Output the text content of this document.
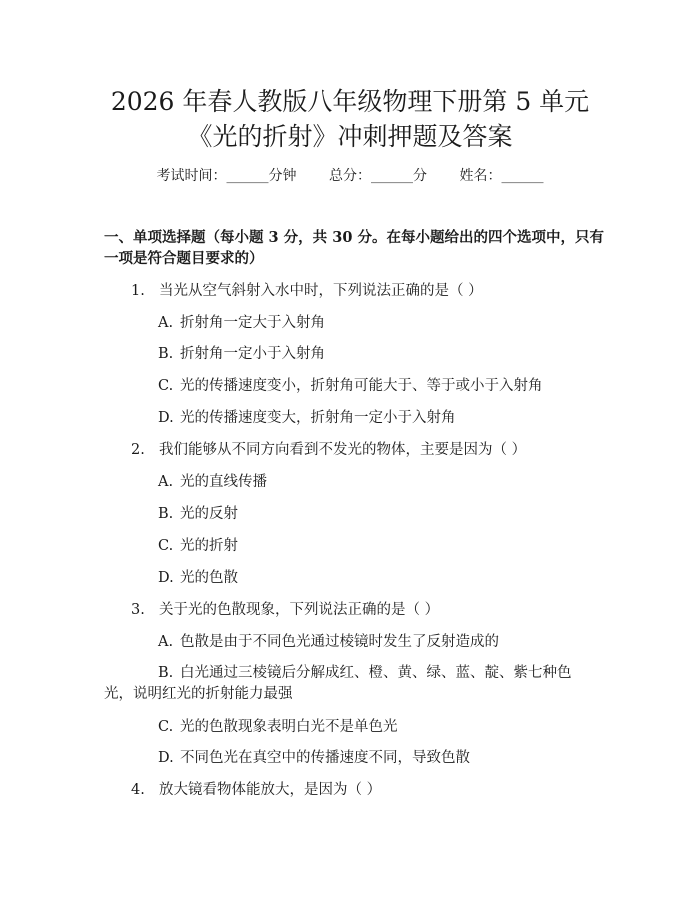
2026 年春人教版八年级物理下册第 5 单元
《光的折射》冲刺押题及答案
考试时间：______分钟 总分：______分 姓名：______

一、单项选择题（每小题 3 分，共 30 分。在每小题给出的四个选项中，只有一项是符合题目要求的）

1. 当光从空气斜射入水中时，下列说法正确的是（ ）

A. 折射角一定大于入射角

B. 折射角一定小于入射角

C. 光的传播速度变小，折射角可能大于、等于或小于入射角

D. 光的传播速度变大，折射角一定小于入射角

2. 我们能够从不同方向看到不发光的物体，主要是因为（ ）

A. 光的直线传播

B. 光的反射

C. 光的折射

D. 光的色散

3. 关于光的色散现象，下列说法正确的是（ ）

A. 色散是由于不同色光通过棱镜时发生了反射造成的

B. 白光通过三棱镜后分解成红、橙、黄、绿、蓝、靛、紫七种色光，说明红光的折射能力最强

C. 光的色散现象表明白光不是单色光

D. 不同色光在真空中的传播速度不同，导致色散

4. 放大镜看物体能放大，是因为（ ）
